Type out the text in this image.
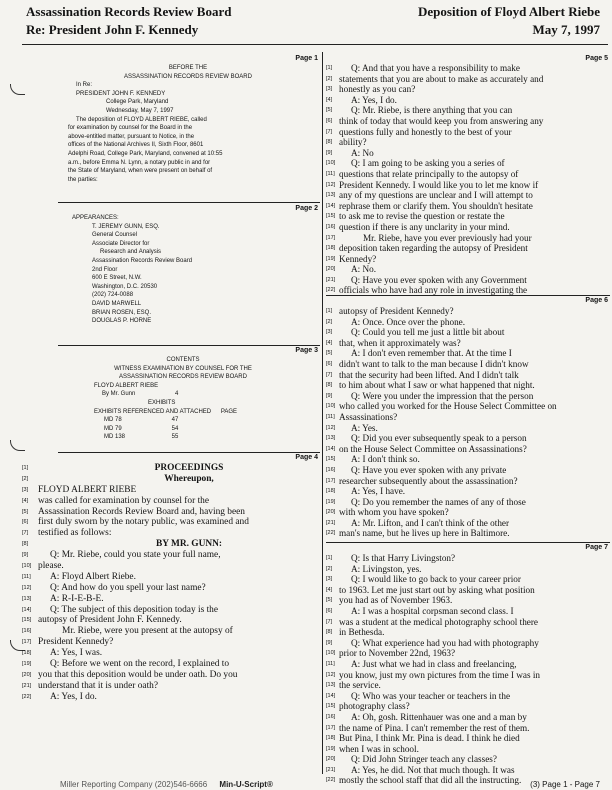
Assassination Records Review Board
Re: President John F. Kennedy
Deposition of Floyd Albert Riebe
May 7, 1997
Page 1
BEFORE THE
ASSASSINATION RECORDS REVIEW BOARD
In Re:
PRESIDENT JOHN F. KENNEDY
College Park, Maryland
Wednesday, May 7, 1997
The deposition of FLOYD ALBERT RIEBE, called
for examination by counsel for the Board in the
above-entitled matter, pursuant to Notice, in the
offices of the National Archives II, Sixth Floor, 8601
Adelphi Road, College Park, Maryland, convened at 10:55
a.m., before Emma N. Lynn, a notary public in and for
the State of Maryland, when were present on behalf of
the parties:
Page 2
APPEARANCES:
T. JEREMY GUNN, ESQ.
General Counsel
Associate Director for
Research and Analysis
Assassination Records Review Board
2nd Floor
600 E Street, N.W.
Washington, D.C. 20530
(202) 724-0088
DAVID MARWELL
BRIAN ROSEN, ESQ.
DOUGLAS P. HORNE
Page 3
CONTENTS
WITNESS EXAMINATION BY COUNSEL FOR THE
ASSASSINATION RECORDS REVIEW BOARD
FLOYD ALBERT RIEBE
By Mr. Gunn	4
EXHIBITS
EXHIBITS REFERENCED AND ATTACHED PAGE
MD 78	47
MD 79	54
MD 138	55
Page 4
[1]	PROCEEDINGS
[2]	Whereupon,
[3] FLOYD ALBERT RIEBE
[4] was called for examination by counsel for the
[5] Assassination Records Review Board and, having been
[6] first duly sworn by the notary public, was examined and
[7] testified as follows:
[8]	BY MR. GUNN:
[9]	Q: Mr. Riebe, could you state your full name,
[10] please.
[11]	A: Floyd Albert Riebe.
[12]	Q: And how do you spell your last name?
[13]	A: R-I-E-B-E.
[14]	Q: The subject of this deposition today is the
[15] autopsy of President John F. Kennedy.
[16]	Mr. Riebe, were you present at the autopsy of
[17] President Kennedy?
[18]	A: Yes, I was.
[19]	Q: Before we went on the record, I explained to
[20] you that this deposition would be under oath. Do you
[21] understand that it is under oath?
[22]	A: Yes, I do.
Page 5
[1]	Q: And that you have a responsibility to make
[2] statements that you are about to make as accurately and
[3] honestly as you can?
[4]	A: Yes, I do.
[5]	Q: Mr. Riebe, is there anything that you can
[6] think of today that would keep you from answering any
[7] questions fully and honestly to the best of your
[8] ability?
[9]	A: No
[10]	Q: I am going to be asking you a series of
[11] questions that relate principally to the autopsy of
[12] President Kennedy. I would like you to let me know if
[13] any of my questions are unclear and I will attempt to
[14] rephrase them or clarify them. You shouldn't hesitate
[15] to ask me to revise the question or restate the
[16] question if there is any unclarity in your mind.
[17]	Mr. Riebe, have you ever previously had your
[18] deposition taken regarding the autopsy of President
[19] Kennedy?
[20]	A: No.
[21]	Q: Have you ever spoken with any Government
[22] officials who have had any role in investigating the
Page 6
[1] autopsy of President Kennedy?
[2]	A: Once. Once over the phone.
[3]	Q: Could you tell me just a little bit about
[4] that, when it approximately was?
[5]	A: I don't even remember that. At the time I
[6] didn't want to talk to the man because I didn't know
[7] that the security had been lifted. And I didn't talk
[8] to him about what I saw or what happened that night.
[9]	Q: Were you under the impression that the person
[10] who called you worked for the House Select Committee on
[11] Assassinations?
[12]	A: Yes.
[13]	Q: Did you ever subsequently speak to a person
[14] on the House Select Committee on Assassinations?
[15]	A: I don't think so.
[16]	Q: Have you ever spoken with any private
[17] researcher subsequently about the assassination?
[18]	A: Yes, I have.
[19]	Q: Do you remember the names of any of those
[20] with whom you have spoken?
[21]	A: Mr. Lifton, and I can't think of the other
[22] man's name, but he lives up here in Baltimore.
Page 7
[1]	Q: Is that Harry Livingston?
[2]	A: Livingston, yes.
[3]	Q: I would like to go back to your career prior
[4] to 1963. Let me just start out by asking what position
[5] you had as of November 1963.
[6]	A: I was a hospital corpsman second class. I
[7] was a student at the medical photography school there
[8] in Bethesda.
[9]	Q: What experience had you had with photography
[10] prior to November 22nd, 1963?
[11]	A: Just what we had in class and freelancing,
[12] you know, just my own pictures from the time I was in
[13] the service.
[14]	Q: Who was your teacher or teachers in the
[15] photography class?
[16]	A: Oh, gosh. Rittenhauer was one and a man by
[17] the name of Pina. I can't remember the rest of them.
[18] But Pina, I think Mr. Pina is dead. I think he died
[19] when I was in school.
[20]	Q: Did John Stringer teach any classes?
[21]	A: Yes, he did. Not that much though. It was
[22] mostly the school staff that did all the instructing.
Miller Reporting Company (202)546-6666 Min-U-Script®	(3) Page 1 - Page 7
